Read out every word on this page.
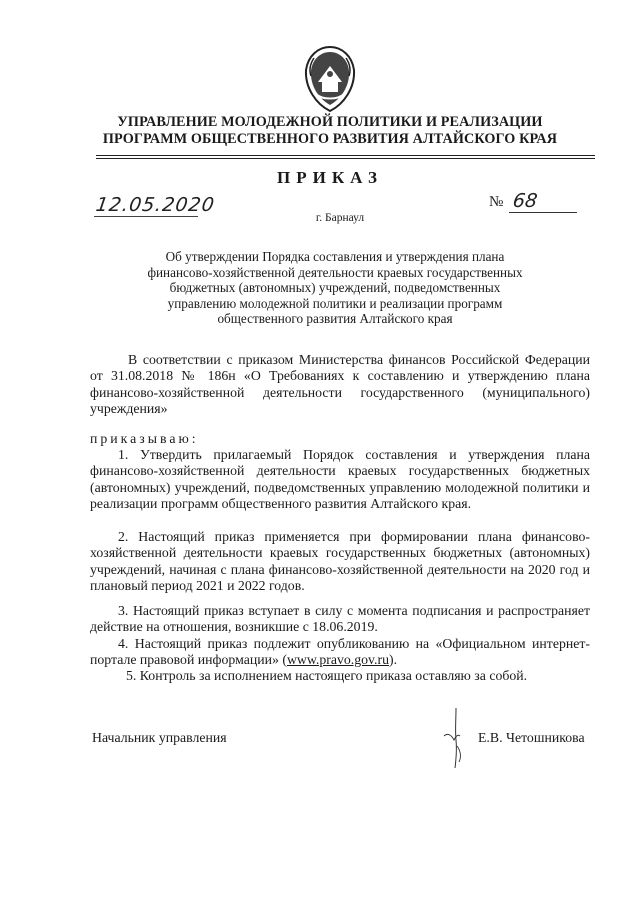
УПРАВЛЕНИЕ МОЛОДЕЖНОЙ ПОЛИТИКИ И РЕАЛИЗАЦИИ
ПРОГРАММ ОБЩЕСТВЕННОГО РАЗВИТИЯ АЛТАЙСКОГО КРАЯ
ПРИКАЗ
12.05.2020	№ 68
г. Барнаул
Об утверждении Порядка составления и утверждения плана финансово-хозяйственной деятельности краевых государственных бюджетных (автономных) учреждений, подведомственных управлению молодежной политики и реализации программ общественного развития Алтайского края
В соответствии с приказом Министерства финансов Российской Федерации от 31.08.2018 № 186н «О Требованиях к составлению и утверждению плана финансово-хозяйственной деятельности государственного (муниципального) учреждения»
приказываю:
1. Утвердить прилагаемый Порядок составления и утверждения плана финансово-хозяйственной деятельности краевых государственных бюджетных (автономных) учреждений, подведомственных управлению молодежной политики и реализации программ общественного развития Алтайского края.
2. Настоящий приказ применяется при формировании плана финансово-хозяйственной деятельности краевых государственных бюджетных (автономных) учреждений, начиная с плана финансово-хозяйственной деятельности на 2020 год и плановый период 2021 и 2022 годов.
3. Настоящий приказ вступает в силу с момента подписания и распространяет действие на отношения, возникшие с 18.06.2019.
4. Настоящий приказ подлежит опубликованию на «Официальном интернет-портале правовой информации» (www.pravo.gov.ru).
5. Контроль за исполнением настоящего приказа оставляю за собой.
Начальник управления	Е.В. Четошникова
